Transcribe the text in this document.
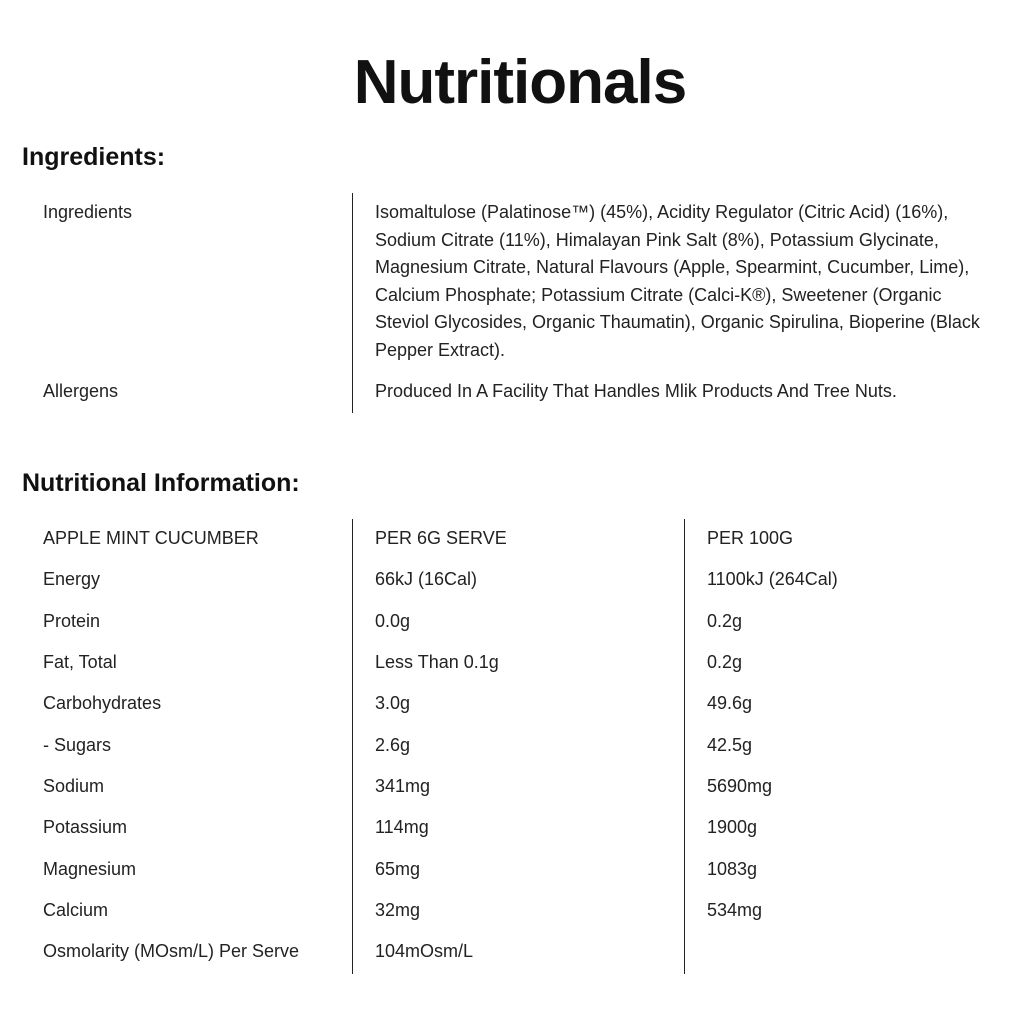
Nutritionals
Ingredients:
Ingredients	Isomaltulose (Palatinose™) (45%), Acidity Regulator (Citric Acid) (16%), Sodium Citrate (11%), Himalayan Pink Salt (8%), Potassium Glycinate, Magnesium Citrate, Natural Flavours (Apple, Spearmint, Cucumber, Lime), Calcium Phosphate; Potassium Citrate (Calci-K®), Sweetener (Organic Steviol Glycosides, Organic Thaumatin), Organic Spirulina, Bioperine (Black Pepper Extract).
Allergens	Produced In A Facility That Handles Mlik Products And Tree Nuts.
Nutritional Information:
APPLE MINT CUCUMBER	PER 6G SERVE	PER 100G
Energy	66kJ (16Cal)	1100kJ (264Cal)
Protein	0.0g	0.2g
Fat, Total	Less Than 0.1g	0.2g
Carbohydrates	3.0g	49.6g
- Sugars	2.6g	42.5g
Sodium	341mg	5690mg
Potassium	114mg	1900g
Magnesium	65mg	1083g
Calcium	32mg	534mg
Osmolarity (MOsm/L) Per Serve	104mOsm/L
